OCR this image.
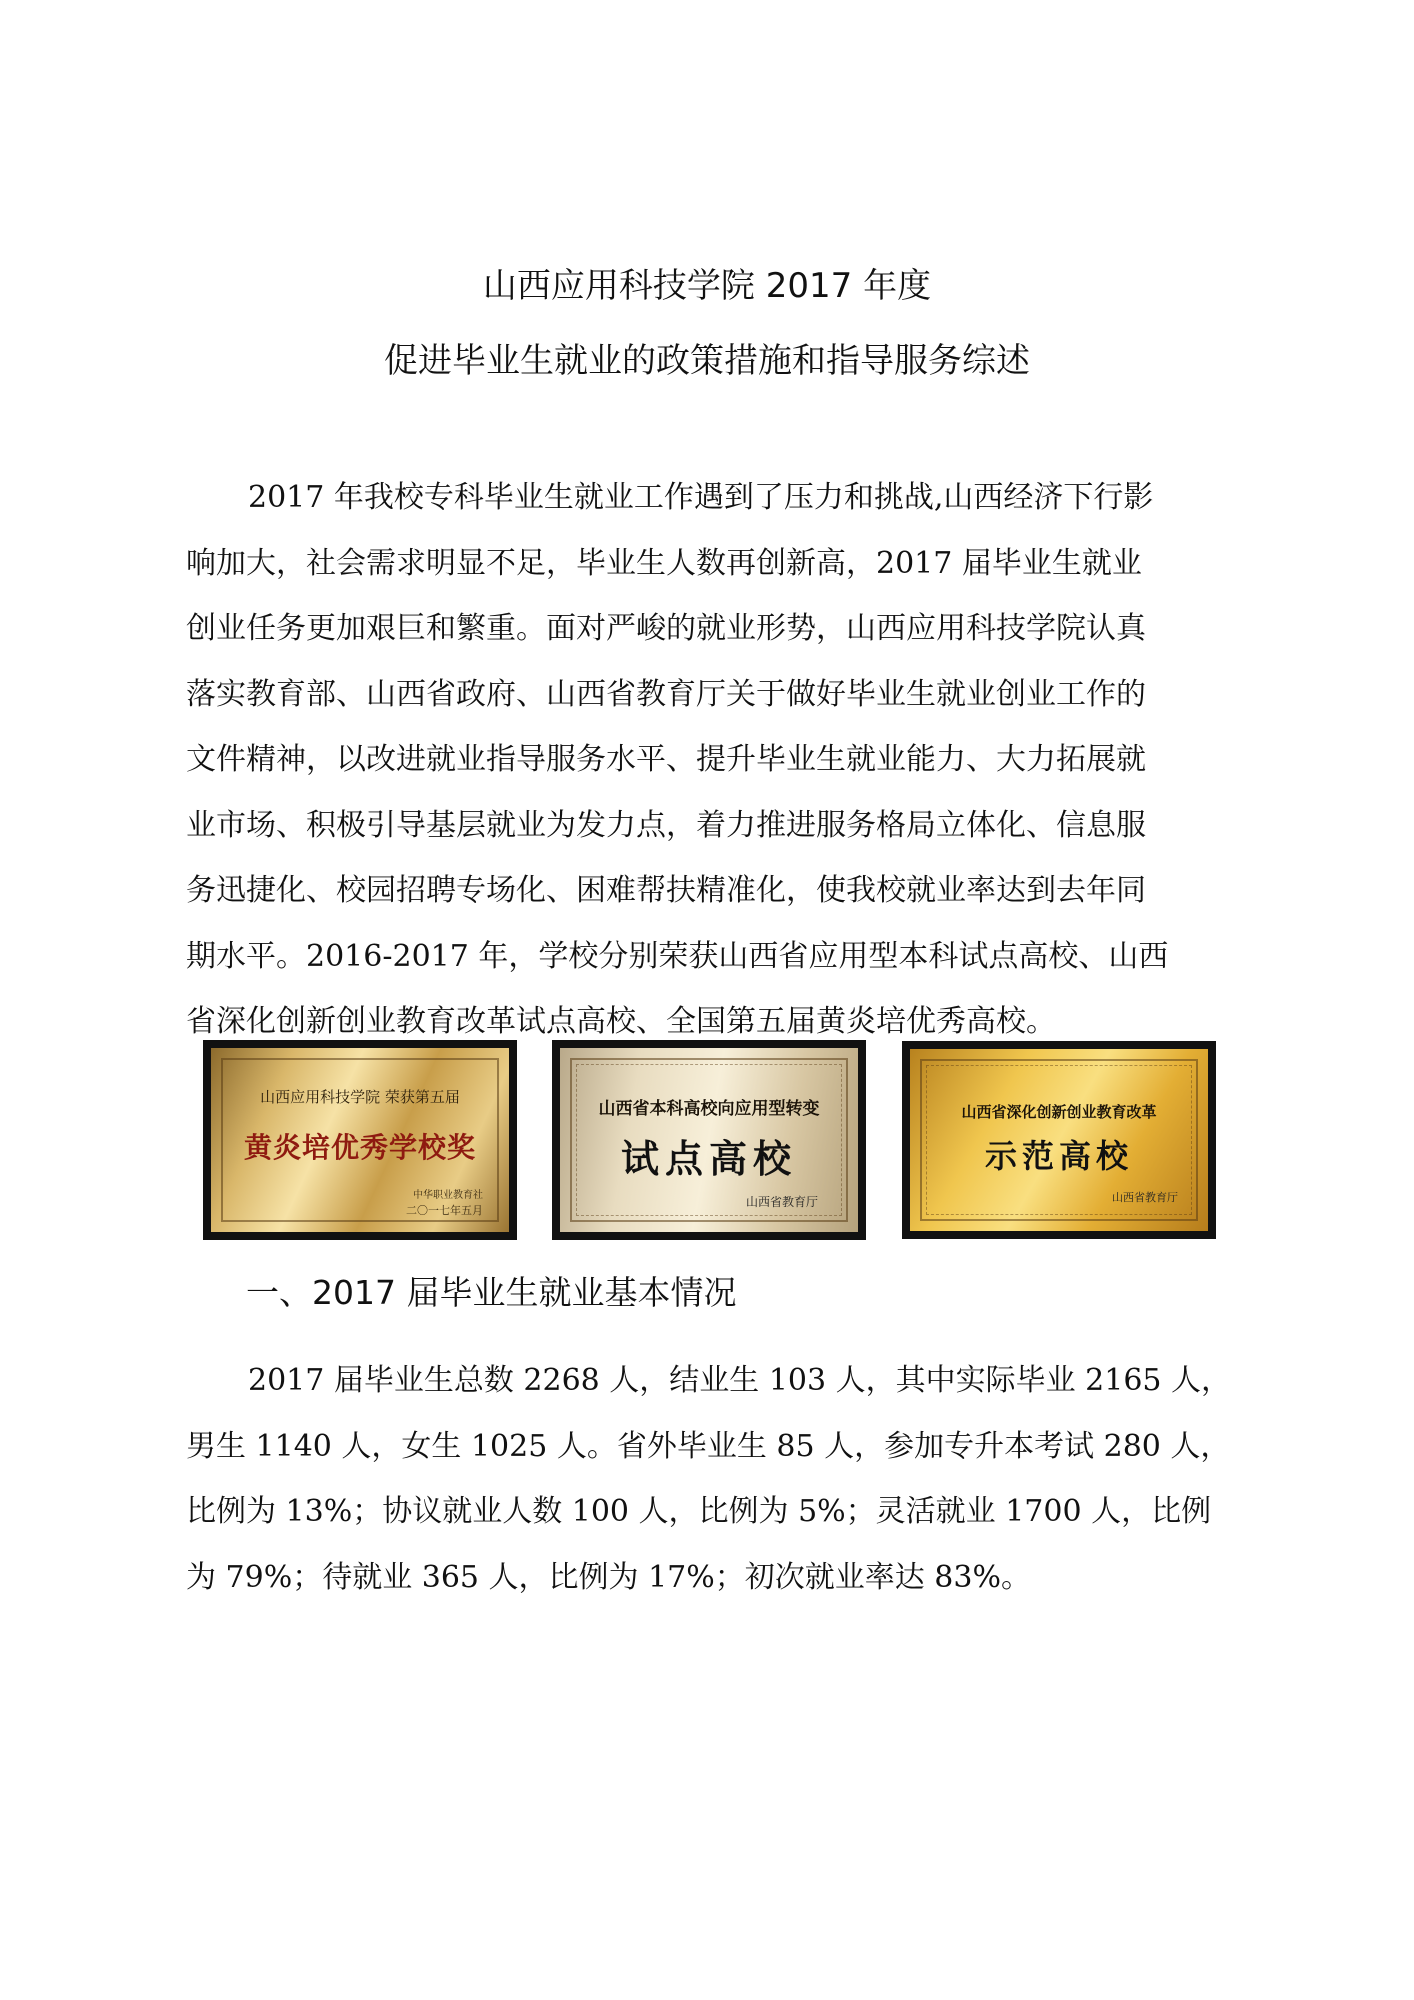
山西应用科技学院 2017 年度
促进毕业生就业的政策措施和指导服务综述
2017 年我校专科毕业生就业工作遇到了压力和挑战,山西经济下行影
响加大，社会需求明显不足，毕业生人数再创新高，2017 届毕业生就业
创业任务更加艰巨和繁重。面对严峻的就业形势，山西应用科技学院认真
落实教育部、山西省政府、山西省教育厅关于做好毕业生就业创业工作的
文件精神，以改进就业指导服务水平、提升毕业生就业能力、大力拓展就
业市场、积极引导基层就业为发力点，着力推进服务格局立体化、信息服
务迅捷化、校园招聘专场化、困难帮扶精准化，使我校就业率达到去年同
期水平。2016-2017 年，学校分别荣获山西省应用型本科试点高校、山西
省深化创新创业教育改革试点高校、全国第五届黄炎培优秀高校。
山西应用科技学院 荣获第五届
黄炎培优秀学校奖
中华职业教育社
二〇一七年五月
山西省本科高校向应用型转变
试点高校
山西省教育厅
山西省深化创新创业教育改革
示范高校
山西省教育厅
一、2017 届毕业生就业基本情况
2017 届毕业生总数 2268 人，结业生 103 人，其中实际毕业 2165 人，
男生 1140 人，女生 1025 人。省外毕业生 85 人，参加专升本考试 280 人，
比例为 13%；协议就业人数 100 人，比例为 5%；灵活就业 1700 人，比例
为 79%；待就业 365 人，比例为 17%；初次就业率达 83%。
